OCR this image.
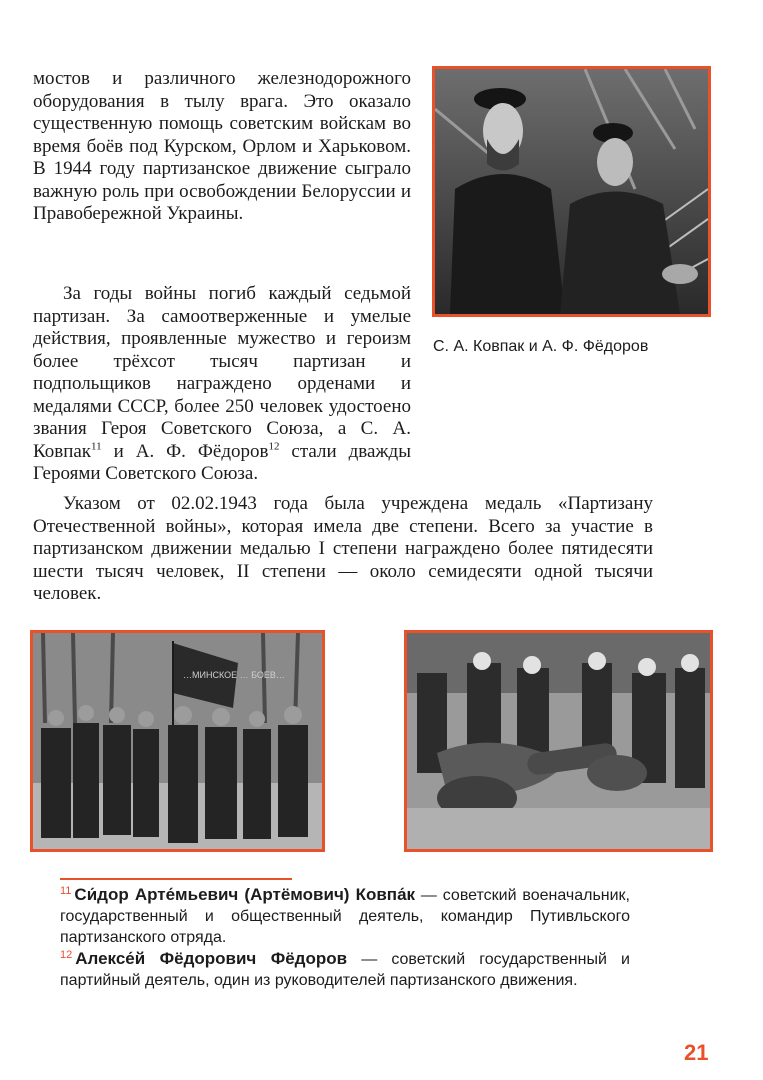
мостов и различного железнодорожного оборудования в тылу врага. Это оказало существенную помощь советским войскам во время боёв под Курском, Орлом и Харьковом. В 1944 году партизанское движение сыграло важную роль при освобождении Белоруссии и Правобережной Украины.

За годы войны погиб каждый седьмой партизан. За самоотверженные и умелые действия, проявленные мужество и героизм более трёхсот тысяч партизан и подпольщиков награждено орденами и медалями СССР, более 250 человек удостоено звания Героя Советского Союза, а С. А. Ковпак$^{11}$ и А. Ф. Фёдоров$^{12}$ стали дважды Героями Советского Союза.

Указом от 02.02.1943 года была учреждена медаль «Партизану Отечественной войны», которая имела две степени. Всего за участие в партизанском движении медалью I степени награждено более пятидесяти шести тысяч человек, II степени — около семидесяти одной тысячи человек.

С. А. Ковпак и А. Ф. Фёдоров
…МИНСКОЕ … БОЕВ…

$^{11}$ Си́дор Арте́мьевич (Артёмович) Ковпа́к — советский военачальник, государственный и общественный деятель, командир Путивльского партизанского отряда.

$^{12}$ Алексе́й Фёдорович Фёдоров — советский государственный и партийный деятель, один из руководителей партизанского движения.

21
